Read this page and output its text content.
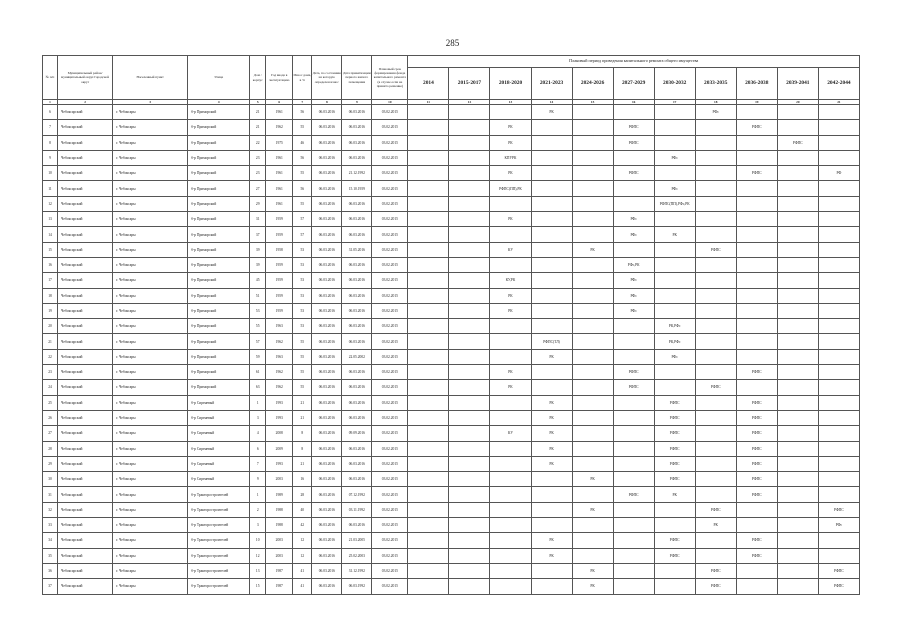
285
№ п/п	Муниципальный район/муниципальный округ/городской округ	Населенный пункт	Улица	Дом / корпус	Год ввода в эксплуатацию	Износ дома, в %	Дата, по состоянию на которую определен износ	Дата приватизации первого жилого помещения	Плановый срок формирования фонда капитального ремонта (в случае если не принято решение)	Плановый период проведения капитального ремонта общего имущества										
										2014	2015-2017	2018-2020	2021-2023	2024-2026	2027-2029	2030-2032	2033-2035	2036-2038	2039-2041	2042-2044
1	2	3	4	5	6	7	8	9	10	11	12	13	14	15	16	17	18	19	20	21
6	Чебоксарский	г. Чебоксары	б-р Приморский	21	1961	56	06.03.2016	06.03.2016	03.02.2015				РК				РФс			
7	Чебоксарский	г. Чебоксары	б-р Приморский	21	1962	55	06.03.2016	06.03.2016	03.02.2015			РК			РФПС			РФПС		
8	Чебоксарский	г. Чебоксары	б-р Приморский	22	1975	46	06.03.2016	06.03.2016	03.02.2015			РК			РФПС				РФПС	
9	Чебоксарский	г. Чебоксары	б-р Приморский	23	1961	56	06.03.2016	06.03.2016	03.02.2015			КПУРК				РФс				
10	Чебоксарский	г. Чебоксары	б-р Приморский	23	1961	55	06.03.2016	21.12.1992	03.02.2015			РК			РФПС			РФПС		РФ
11	Чебоксарский	г. Чебоксары	б-р Приморский	27	1961	56	06.03.2016	15.10.1959	03.02.2015			РФПС(ПП),РК				РФс				
12	Чебоксарский	г. Чебоксары	б-р Приморский	29	1961	55	06.03.2016	06.03.2016	03.02.2015							РФПС(ПП),РФс,РК				
13	Чебоксарский	г. Чебоксары	б-р Приморский	31	1959	57	06.03.2016	06.03.2016	03.02.2015			РК			РФс					
14	Чебоксарский	г. Чебоксары	б-р Приморский	37	1959	57	06.03.2016	06.03.2016	03.02.2015						РФс	РК				
15	Чебоксарский	г. Чебоксары	б-р Приморский	39	1958	53	06.03.2016	31.05.2016	03.02.2015			КУ		РК			РФПС			
16	Чебоксарский	г. Чебоксары	б-р Приморский	39	1959	53	06.03.2016	06.03.2016	03.02.2015						РФс,РК					
17	Чебоксарский	г. Чебоксары	б-р Приморский	45	1959	53	06.03.2016	06.03.2016	03.02.2015			КУ,РК			РФс					
18	Чебоксарский	г. Чебоксары	б-р Приморский	51	1959	53	06.03.2016	06.03.2016	03.02.2015			РК			РФс					
19	Чебоксарский	г. Чебоксары	б-р Приморский	53	1959	53	06.03.2016	06.03.2016	03.02.2015			РК			РФс					
20	Чебоксарский	г. Чебоксары	б-р Приморский	55	1963	53	06.03.2016	06.03.2016	03.02.2015							РК,РФс				
21	Чебоксарский	г. Чебоксары	б-р Приморский	57	1962	55	06.03.2016	06.03.2016	03.02.2015				РФПС(ТЛ)			РК,РФс				
22	Чебоксарский	г. Чебоксары	б-р Приморский	59	1963	55	06.03.2016	22.05.2002	03.02.2015				РК			РФс				
23	Чебоксарский	г. Чебоксары	б-р Приморский	61	1962	55	06.03.2016	06.03.2016	03.02.2015			РК			РФПС			РФПС		
24	Чебоксарский	г. Чебоксары	б-р Приморский	63	1962	55	06.03.2016	06.03.2016	03.02.2015			РК			РФПС		РФПС			
25	Чебоксарский	г. Чебоксары	б-р Сиреневый	1	1993	21	06.03.2016	06.03.2016	03.02.2015				РК			РФПС		РФПС		
26	Чебоксарский	г. Чебоксары	б-р Сиреневый	3	1993	21	06.03.2016	06.03.2016	03.02.2015				РК			РФПС		РФПС		
27	Чебоксарский	г. Чебоксары	б-р Сиреневый	4	2008	8	06.03.2016	09.09.2016	03.02.2015			КУ	РК			РФПС		РФПС		
28	Чебоксарский	г. Чебоксары	б-р Сиреневый	6	2009	8	06.03.2016	06.03.2016	03.02.2015				РК			РФПС		РФПС		
29	Чебоксарский	г. Чебоксары	б-р Сиреневый	7	1993	21	06.03.2016	06.03.2016	03.02.2015				РК			РФПС		РФПС		
30	Чебоксарский	г. Чебоксары	б-р Сиреневый	9	2003	16	06.03.2016	06.03.2016	03.02.2015					РК		РФПС		РФПС		
31	Чебоксарский	г. Чебоксары	б-р Тракторостроителей	1	1989	28	06.03.2016	07.12.1992	03.02.2015						РФПС	РК		РФПС		
32	Чебоксарский	г. Чебоксары	б-р Тракторостроителей	2	1988	40	06.03.2016	03.11.1992	03.02.2015					РК			РФПС			РФПС
33	Чебоксарский	г. Чебоксары	б-р Тракторостроителей	3	1988	42	06.03.2016	06.03.2016	03.02.2015								РК			РФс
34	Чебоксарский	г. Чебоксары	б-р Тракторостроителей	10	2003	12	06.03.2016	21.03.2005	03.02.2015				РК			РФПС		РФПС		
35	Чебоксарский	г. Чебоксары	б-р Тракторостроителей	12	2003	12	06.03.2016	25.02.2003	03.02.2015				РК			РФПС		РФПС		
36	Чебоксарский	г. Чебоксары	б-р Тракторостроителей	13	1987	41	06.03.2016	31.12.1992	03.02.2015					РК			РФПС			РФПС
37	Чебоксарский	г. Чебоксары	б-р Тракторостроителей	15	1987	41	06.03.2016	06.03.1992	03.02.2015					РК			РФПС			РФПС
